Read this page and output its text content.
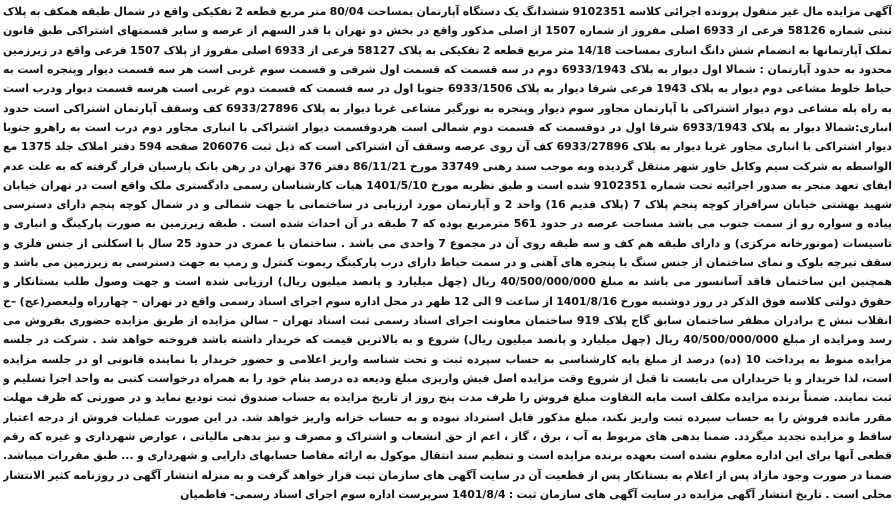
آگهی مزایده مال غیر منقول پرونده اجرائی کلاسه 9102351 ششدانگ یک دستگاه آپارتمان بمساحت 80/04 متر مربع قطعه 2 تفکیکی واقع در شمال طبقه همکف به پلاک ثبتی شماره 58126 فرعی از 6933 اصلی مفروز از شماره 1507 از اصلی مذکور واقع در بخش دو تهران با قدر السهم از عرصه و سایر قسمتهای اشتراکی طبق قانون تملک آپارتمانها به انضمام شش دانگ انباری بمساحت 14/18 متر مربع قطعه 2 تفکیکی به پلاک 58127 فرعی از 6933 اصلی مفروز از پلاک 1507 فرعی واقع در زیرزمین محدود به حدود آپارتمان : شمالا اول دیوار به پلاک 6933/1943 دوم در سه قسمت که قسمت اول شرقی و قسمت سوم غربی است هر سه قسمت دیوار وپنجره است به حیاط خلوط مشاعی دوم دیوار به پلاک 1943 فرعی شرقا دیوار به پلاک 6933/1506 جنوبا اول در سه قسمت که قسمت دوم غربی است هرسه قسمت دیوار ودرب است به راه پله مشاعی دوم دیوار اشتراکی با آپارتمان مجاور سوم دیوار وپنجره به نورگیر مشاعی غربا دیوار به پلاک 6933/27896 کف وسقف آپارتمان اشتراکی است حدود انباری:شمالا دیوار به پلاک 6933/1943 شرقا اول در دوقسمت که قسمت دوم شمالی است هردوقسمت دیوار اشتراکی با انباری مجاور دوم درب است به راهرو جنوبا دیوار اشتراکی با انباری مجاور غربا دیوار به پلاک 6933/27896 کف آن روی عرصه وسقف آن اشتراکی است که ذیل ثبت 206076 صفحه 594 دفتر املاک جلد 1375 مع الواسطه به شرکت سیم وکابل خاور شهر منتقل گردیده وبه موجب سند رهنی 33749 مورخ 86/11/21 دفتر 376 تهران در رهن بانک پارسیان قرار گرفته که به علت عدم ایفای تعهد منجر به صدور اجرائیه تحت شماره 9102351 شده است و طبق نظریه مورخ 1401/5/10 هیات کارشناسان رسمی دادگستری ملک واقع است در تهران خیابان شهید بهشتی خیابان سرافراز کوچه پنجم پلاک 7 (پلاک قدیم 16) واحد 2 و آپارتمان مورد ارزیابی در ساختمانی با جهت شمالی و در شمال کوچه پنجم دارای دسترسی پیاده و سواره رو از سمت جنوب می باشد مساحت عرصه در حدود 561 مترمربع بوده که 7 طبقه در آن احداث شده است . طبقه زیرزمین به صورت پارکینگ و انباری و تاسیسات (موتورخانه مرکزی) و دارای طبقه هم کف و سه طبقه روی آن در مجموع 7 واحدی می باشد . ساختمان با عمری در حدود 25 سال با اسکلتی از جنس فلزی و سقف تیرچه بلوک و نمای ساختمان از جنس سنگ با پنجره های آهنی و در سمت حیاط دارای درب پارکینگ ریموت کنترل و رمپ به جهت دسترسی به زیرزمین می باشد و همچنین این ساختمان فاقد آسانسور می باشد به مبلغ 40/500/000/000 ریال (چهل میلیارد و پانصد میلیون ریال) ارزیابی شده است و جهت وصول طلب بستانکار و حقوق دولتی کلاسه فوق الذکر در روز دوشنبه مورخ 1401/8/16 از ساعت 9 الی 12 ظهر در محل اداره سوم اجرای اسناد رسمی واقع در تهران – چهارراه ولیعصر(عج) –خ انقلاب نبش خ برادران مظفر ساختمان سابق گاج پلاک 919 ساختمان معاونت اجرای اسناد رسمی ثبت اسناد تهران – سالن مزایده از طریق مزایده حضوری بفروش می رسد ومزایده از مبلغ 40/500/000/000 ریال (چهل میلیارد و پانصد میلیون ریال) شروع و به بالاترین قیمت که خریدار داشته باشد فروخته خواهد شد . شرکت در جلسه مزایده منوط به پرداخت 10 (ده) درصد از مبلغ پایه کارشناسی به حساب سپرده ثبت و تحت شناسه واریز اعلامی و حضور خریدار یا نماینده قانونی او در جلسه مزایده است، لذا خریدار و یا خریداران می بایست تا قبل از شروع وقت مزایده اصل فیش واریزی مبلغ ودیعه ده درصد بنام خود را به همراه درخواست کتبی به واحد اجرا تسلیم و ثبت نمایند. ضمناً برنده مزایده مکلف است مابه التفاوت مبلغ فروش را ظرف مدت پنج روز از تاریخ مزایده به حساب صندوق ثبت تودیع نماید و در صورتی که ظرف مهلت مقرر مانده فروش را به حساب سپرده ثبت واریز نکند، مبلغ مذکور قابل استرداد نبوده و به حساب خزانه واریز خواهد شد. در این صورت عملیات فروش از درجه اعتبار ساقط و مزایده تجدید میگردد. ضمنا بدهی های مربوط به آب ، برق ، گاز ، اعم از حق انشعاب و اشتراک و مصرف و نیز بدهی مالیاتی ، عوارض شهرداری و غیره که رقم قطعی آنها برای این اداره معلوم نشده است بعهده برنده مزایده است و تنظیم سند انتقال موکول به ارائه مفاصا حسابهای دارایی و شهرداری و ... طبق مقررات میباشد. ضمنا در صورت وجود مازاد پس از اعلام به بستانکار پس از قطعیت آن در سایت آگهی های سازمان ثبت قرار خواهد گرفت و به منزله انتشار آگهی در روزنامه کثیر الانتشار محلی است . تاریخ انتشار آگهی مزایده در سایت آگهی های سازمان ثبت : 1401/8/4 سرپرست اداره سوم اجرای اسناد رسمی- فاطمیان
